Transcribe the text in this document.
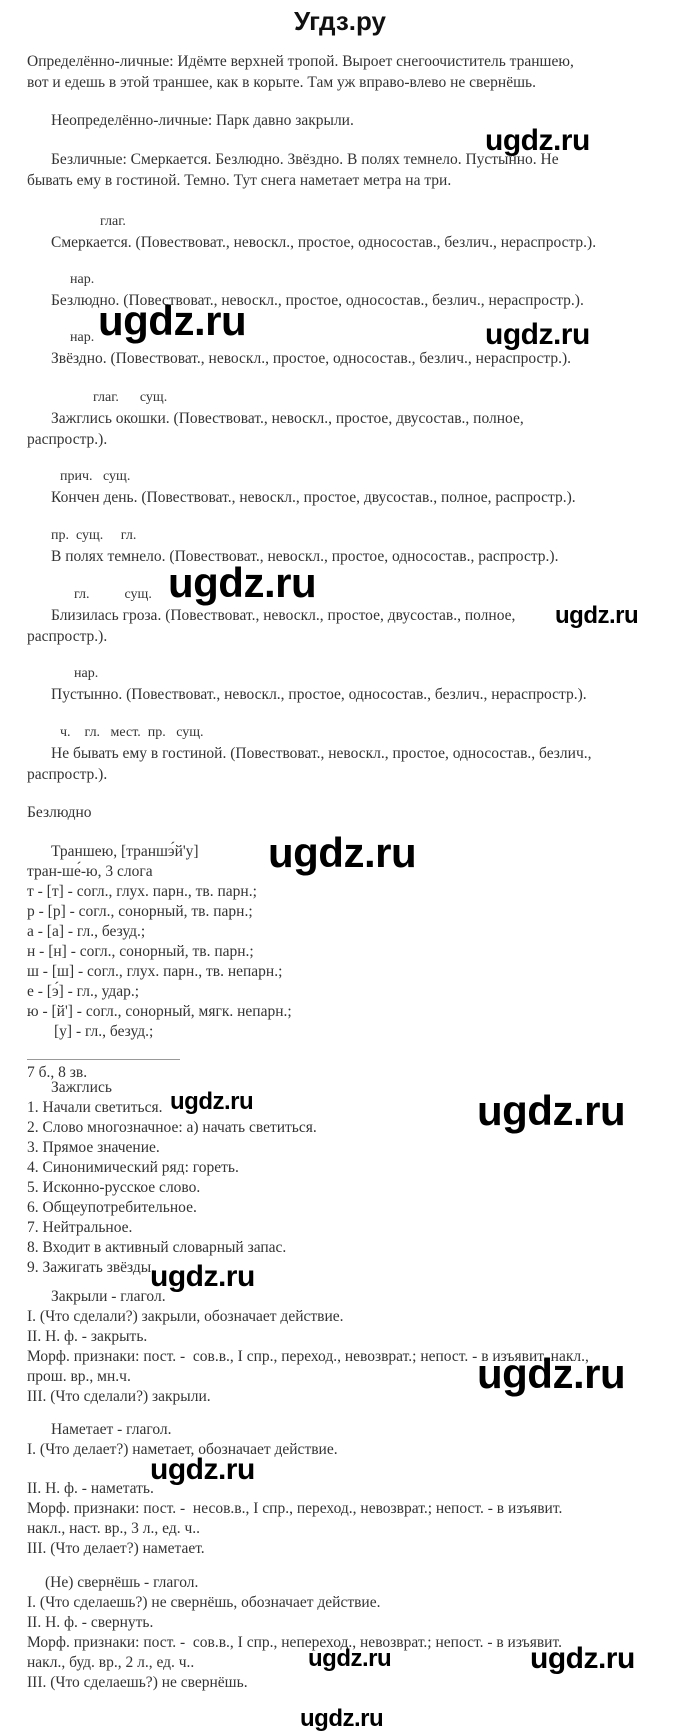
Угдз.ру
Определённо-личные: Идёмте верхней тропой. Выроет снегоочиститель траншею,
вот и едешь в этой траншее, как в корыте. Там уж вправо-влево не свернёшь.
Неопределённо-личные: Парк давно закрыли.
Безличные: Смеркается. Безлюдно. Звёздно. В полях темнело. Пустынно. Не
бывать ему в гостиной. Темно. Тут снега наметает метра на три.
глаг.
Смеркается. (Повествоват., невоскл., простое, односостав., безлич., нераспростр.).
нар.
Безлюдно. (Повествоват., невоскл., простое, односостав., безлич., нераспростр.).
нар.
Звёздно. (Повествоват., невоскл., простое, односостав., безлич., нераспростр.).
глаг.      сущ.
Зажглись окошки. (Повествоват., невоскл., простое, двусостав., полное,
распростр.).
прич.   сущ.
Кончен день. (Повествоват., невоскл., простое, двусостав., полное, распростр.).
пр.  сущ.     гл.
В полях темнело. (Повествоват., невоскл., простое, односостав., распростр.).
гл.          сущ.
Близилась гроза. (Повествоват., невоскл., простое, двусостав., полное,
распростр.).
нар.
Пустынно. (Повествоват., невоскл., простое, односостав., безлич., нераспростр.).
ч.    гл.   мест.  пр.   сущ.
Не бывать ему в гостиной. (Повествоват., невоскл., простое, односостав., безлич.,
распростр.).
Безлюдно
Траншею, [траншэ́й'у]
тран-ше́-ю, 3 слога
т - [т] - согл., глух. парн., тв. парн.;
р - [р] - согл., сонорный, тв. парн.;
а - [а] - гл., безуд.;
н - [н] - согл., сонорный, тв. парн.;
ш - [ш] - согл., глух. парн., тв. непарн.;
е - [э́] - гл., удар.;
ю - [й'] - согл., сонорный, мягк. непарн.;
[у] - гл., безуд.;
7 б., 8 зв.
Зажглись
1. Начали светиться.
2. Слово многозначное: а) начать светиться.
3. Прямое значение.
4. Синонимический ряд: гореть.
5. Исконно-русское слово.
6. Общеупотребительное.
7. Нейтральное.
8. Входит в активный словарный запас.
9. Зажигать звёзды.
Закрыли - глагол.
I. (Что сделали?) закрыли, обозначает действие.
II. Н. ф. - закрыть.
Морф. признаки: пост. -  сов.в., I спр., переход., невозврат.; непост. - в изъявит. накл.,
прош. вр., мн.ч.
III. (Что сделали?) закрыли.
Наметает - глагол.
I. (Что делает?) наметает, обозначает действие.
II. Н. ф. - наметать.
Морф. признаки: пост. -  несов.в., I спр., переход., невозврат.; непост. - в изъявит.
накл., наст. вр., 3 л., ед. ч..
III. (Что делает?) наметает.
(Не) свернёшь - глагол.
I. (Что сделаешь?) не свернёшь, обозначает действие.
II. Н. ф. - свернуть.
Морф. признаки: пост. -  сов.в., I спр., непереход., невозврат.; непост. - в изъявит.
накл., буд. вр., 2 л., ед. ч..
III. (Что сделаешь?) не свернёшь.
ugdz.ru
ugdz.ru	ugdz.ru
ugdz.ru
ugdz.ru
ugdz.ru
ugdz.ru	ugdz.ru
ugdz.ru
ugdz.ru
ugdz.ru
ugdz.ru	ugdz.ru
ugdz.ru
